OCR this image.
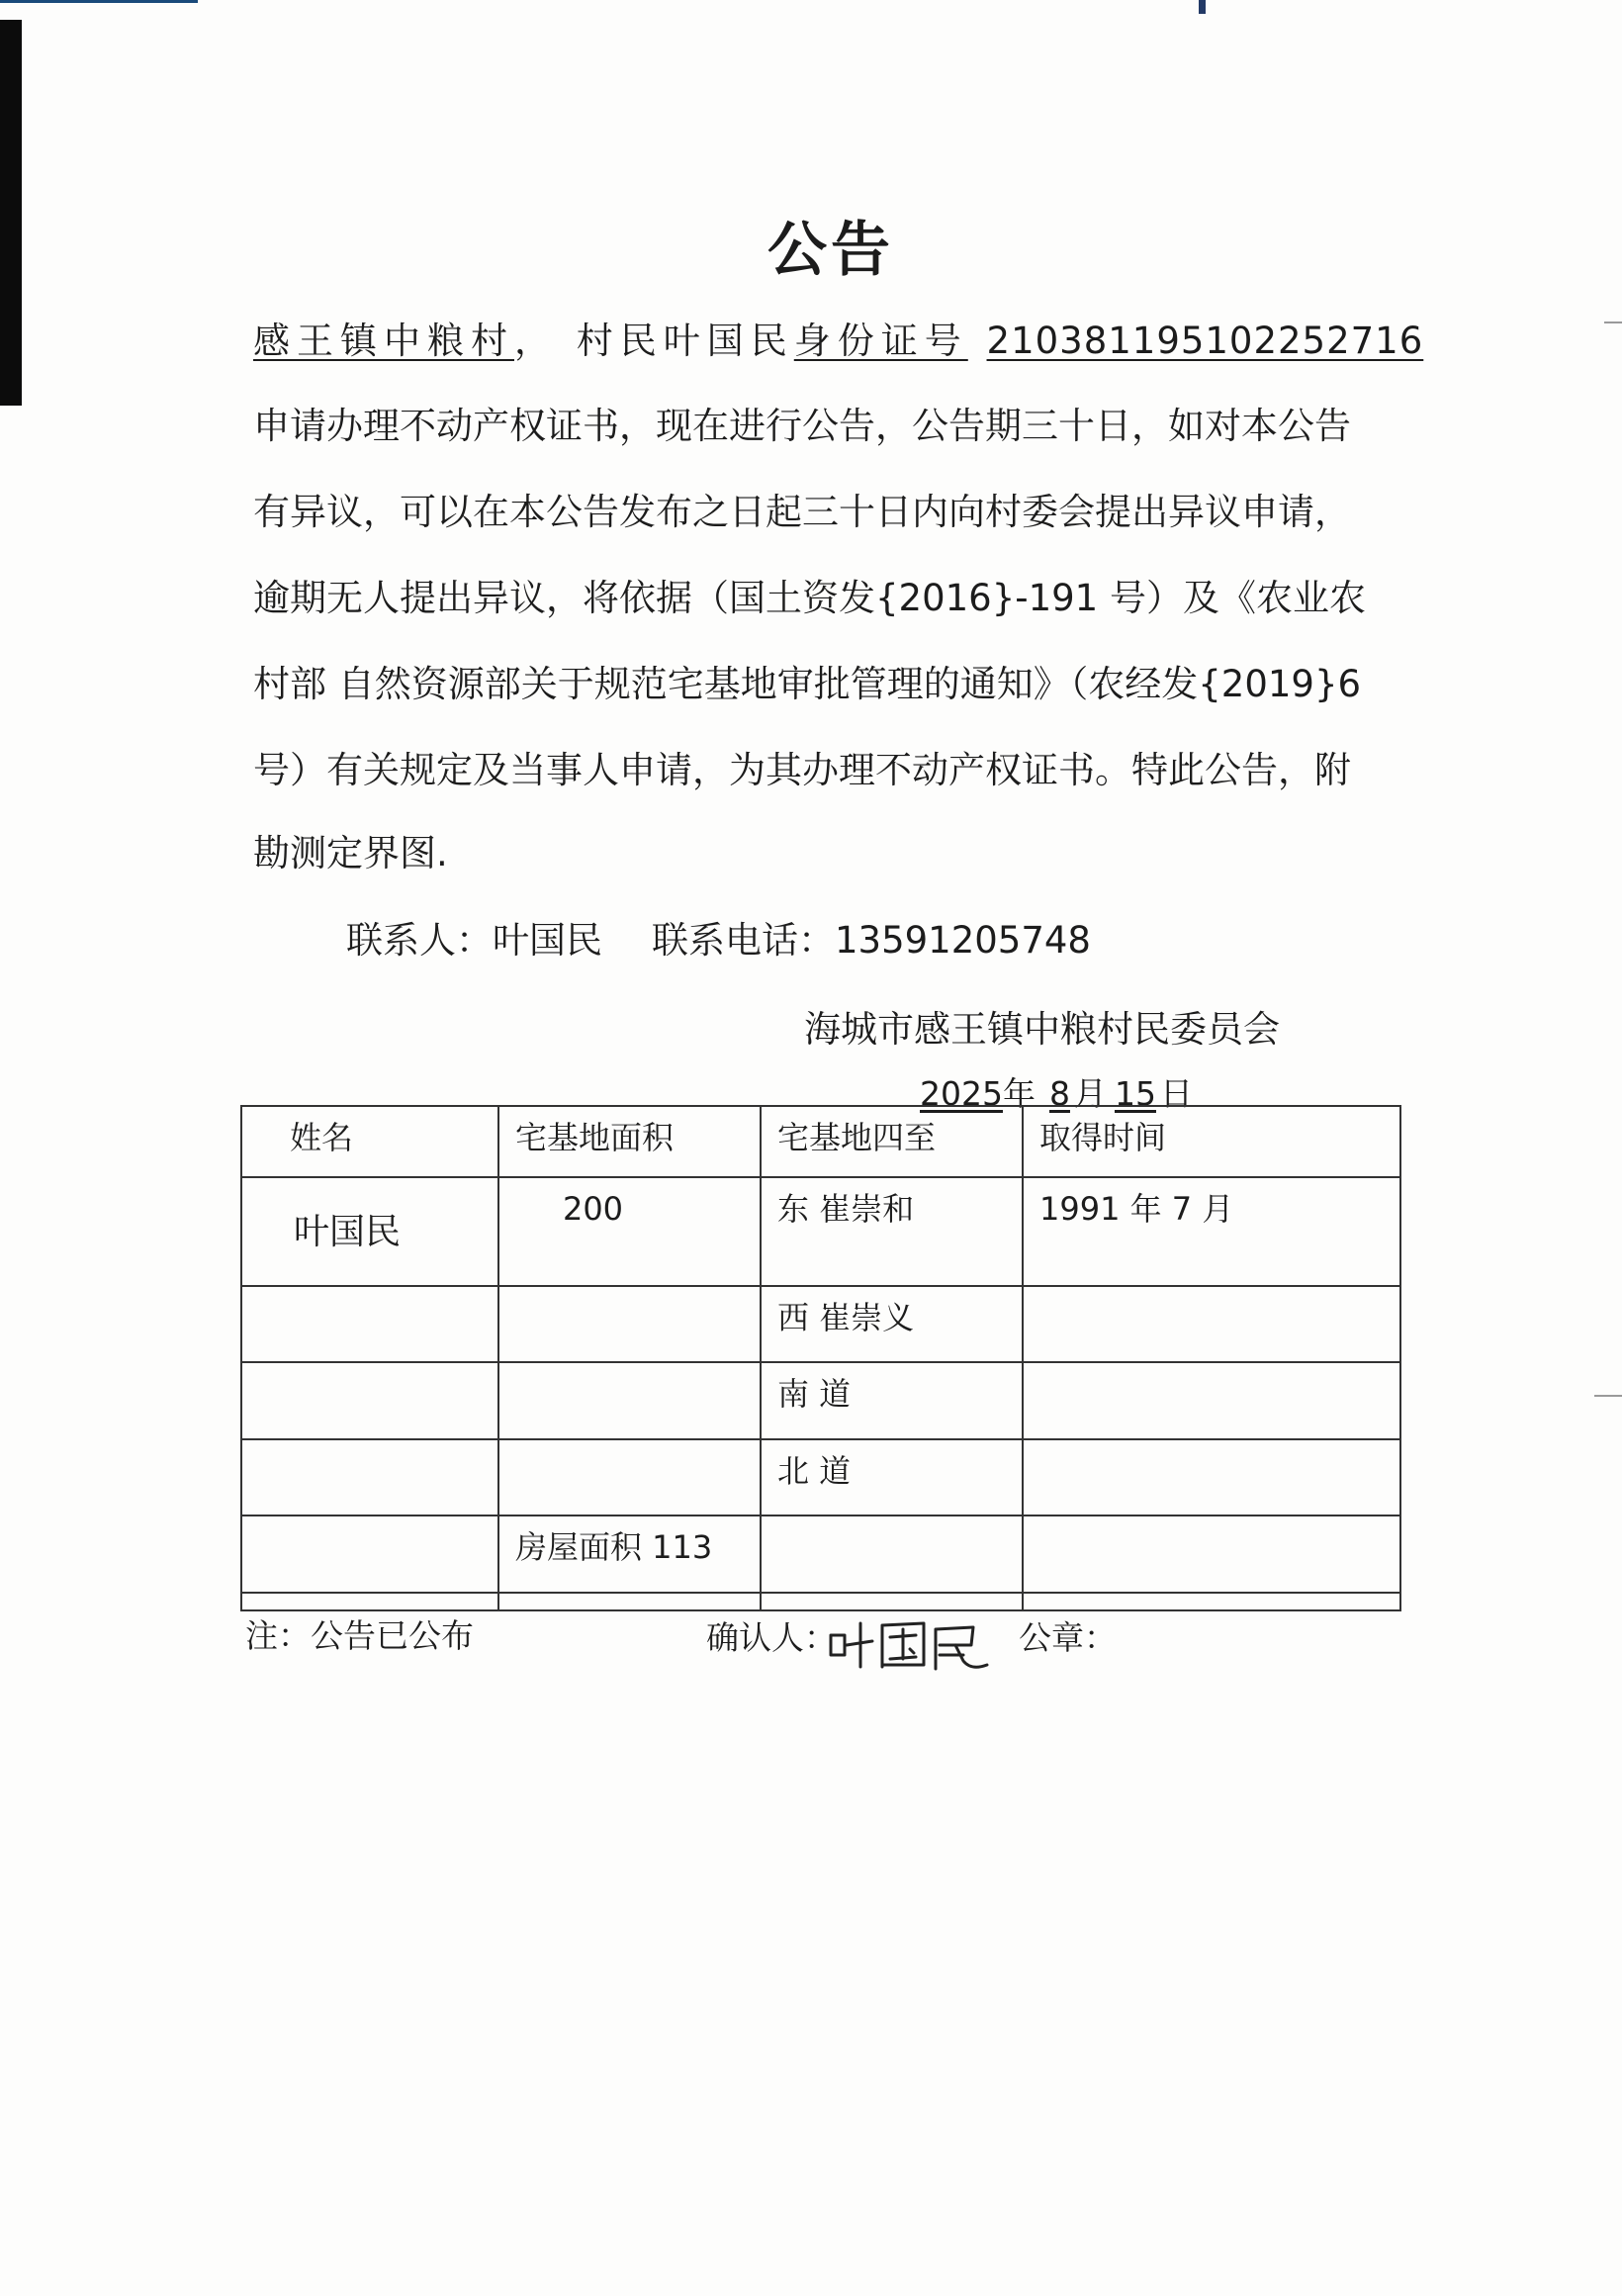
公告
感王镇中粮村， 村民叶国民身份证号 210381195102252716
申请办理不动产权证书，现在进行公告，公告期三十日，如对本公告
有异议，可以在本公告发布之日起三十日内向村委会提出异议申请，
逾期无人提出异议，将依据（国土资发{2016}-191 号）及《农业农
村部 自然资源部关于规范宅基地审批管理的通知》（农经发{2019}6
号）有关规定及当事人申请，为其办理不动产权证书。特此公告，附
勘测定界图.
联系人：叶国民 联系电话：13591205748
海城市感王镇中粮村民委员会
2025年 8 月 15 日
姓名	宅基地面积	宅基地四至	取得时间
叶国民	200	东 崔崇和	1991 年 7 月
		西 崔崇义	
		南 道	
		北 道	
	房屋面积 113		

注：公告已公布	确认人：	公章：
